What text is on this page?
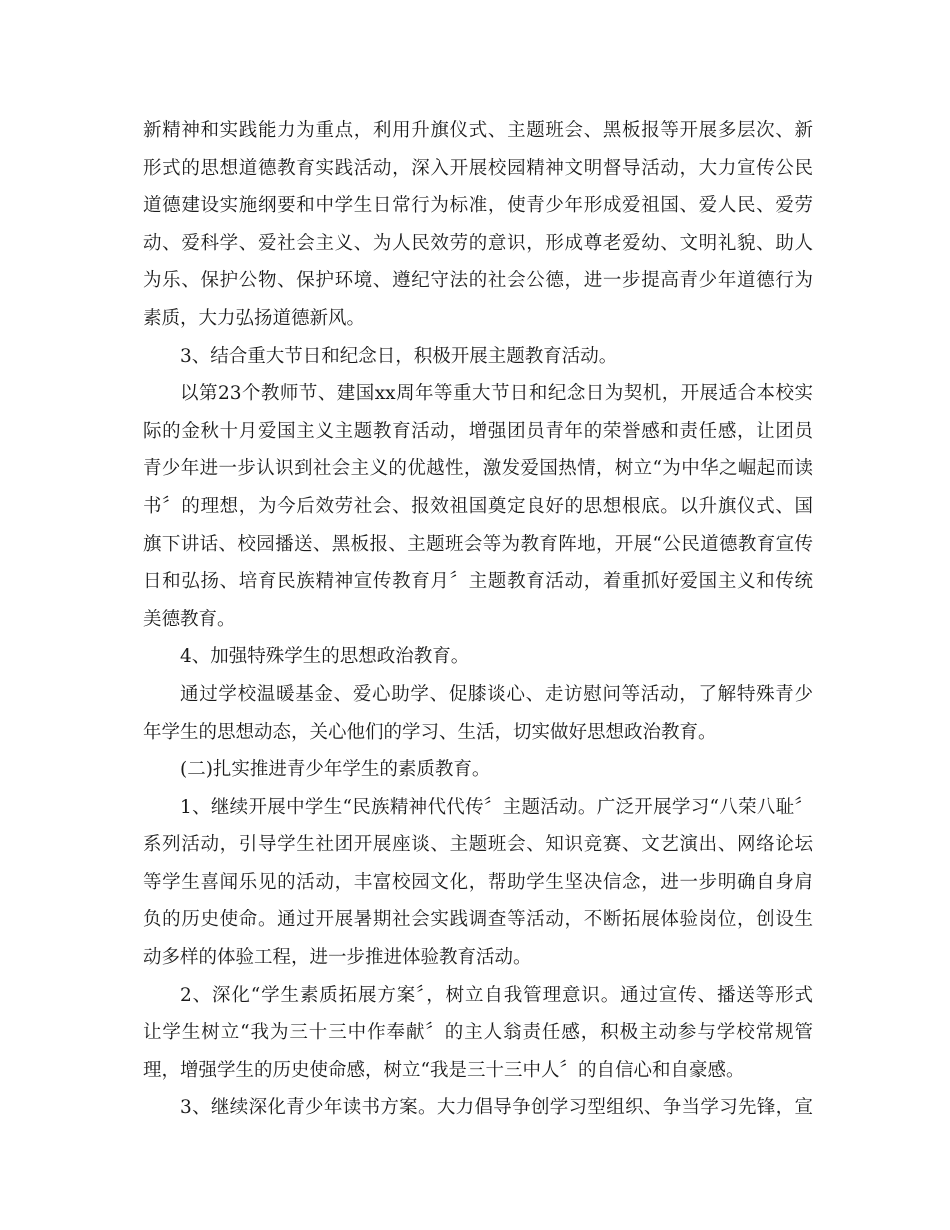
新精神和实践能力为重点，利用升旗仪式、主题班会、黑板报等开展多层次、新
形式的思想道德教育实践活动，深入开展校园精神文明督导活动，大力宣传公民
道德建设实施纲要和中学生日常行为标准，使青少年形成爱祖国、爱人民、爱劳
动、爱科学、爱社会主义、为人民效劳的意识，形成尊老爱幼、文明礼貌、助人
为乐、保护公物、保护环境、遵纪守法的社会公德，进一步提高青少年道德行为
素质，大力弘扬道德新风。
3、结合重大节日和纪念日，积极开展主题教育活动。
以第23个教师节、建国xx周年等重大节日和纪念日为契机，开展适合本校实
际的金秋十月爱国主义主题教育活动，增强团员青年的荣誉感和责任感，让团员
青少年进一步认识到社会主义的优越性，激发爱国热情，树立“为中华之崛起而读
书〞的理想，为今后效劳社会、报效祖国奠定良好的思想根底。以升旗仪式、国
旗下讲话、校园播送、黑板报、主题班会等为教育阵地，开展“公民道德教育宣传
日和弘扬、培育民族精神宣传教育月〞主题教育活动，着重抓好爱国主义和传统
美德教育。
4、加强特殊学生的思想政治教育。
通过学校温暖基金、爱心助学、促膝谈心、走访慰问等活动，了解特殊青少
年学生的思想动态，关心他们的学习、生活，切实做好思想政治教育。
(二)扎实推进青少年学生的素质教育。
1、继续开展中学生“民族精神代代传〞主题活动。广泛开展学习“八荣八耻〞
系列活动，引导学生社团开展座谈、主题班会、知识竞赛、文艺演出、网络论坛
等学生喜闻乐见的活动，丰富校园文化，帮助学生坚决信念，进一步明确自身肩
负的历史使命。通过开展暑期社会实践调查等活动，不断拓展体验岗位，创设生
动多样的体验工程，进一步推进体验教育活动。
2、深化“学生素质拓展方案〞，树立自我管理意识。通过宣传、播送等形式
让学生树立“我为三十三中作奉献〞的主人翁责任感，积极主动参与学校常规管
理，增强学生的历史使命感，树立“我是三十三中人〞的自信心和自豪感。
3、继续深化青少年读书方案。大力倡导争创学习型组织、争当学习先锋，宣
